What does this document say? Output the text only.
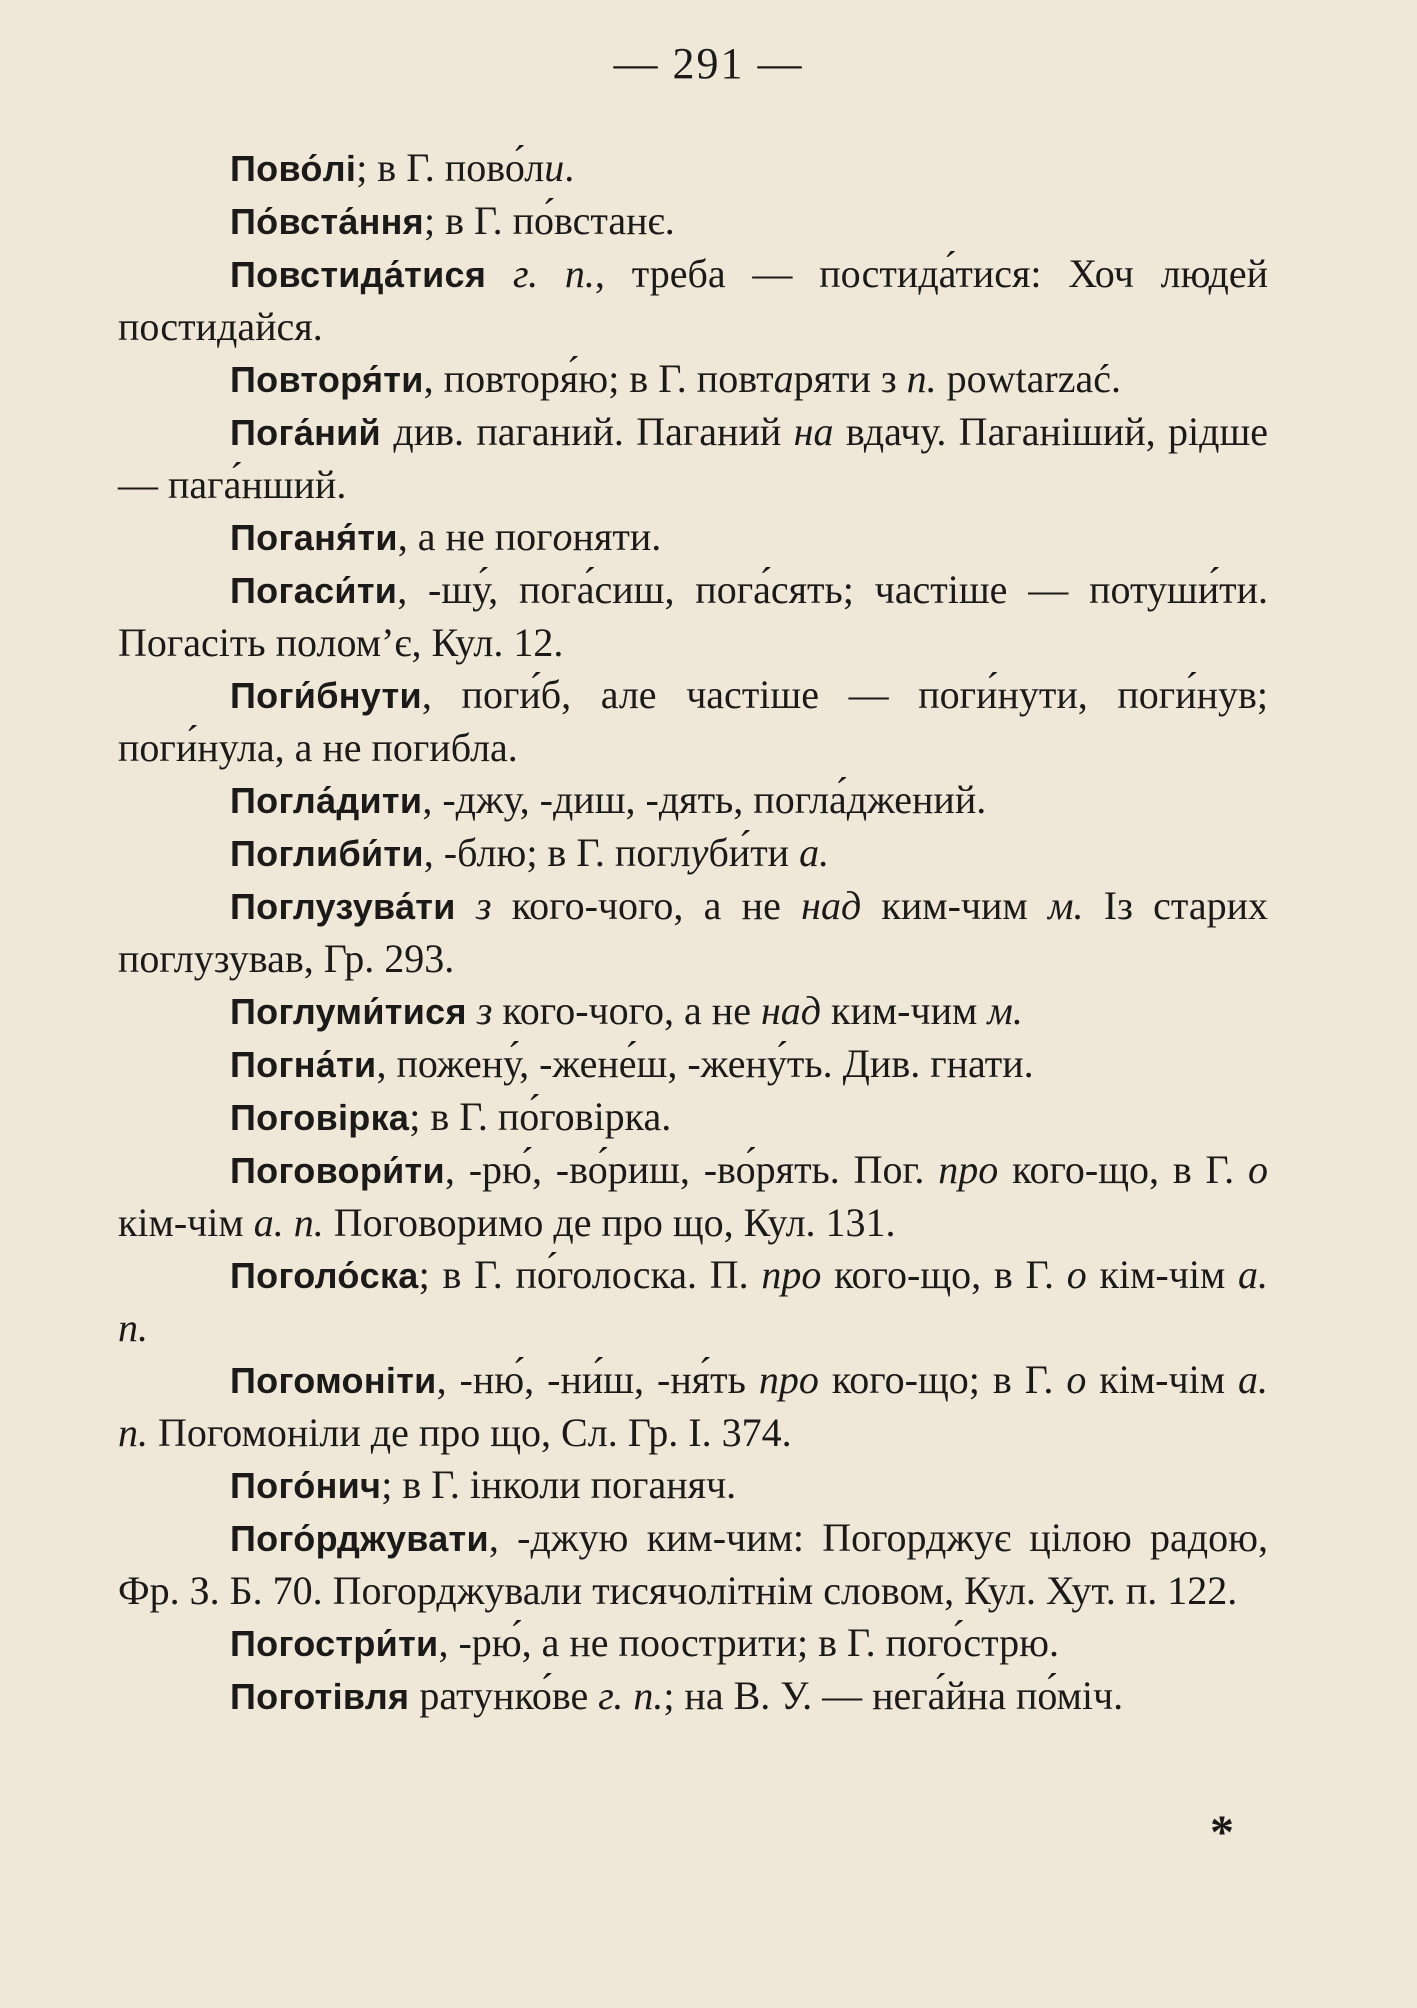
— 291 —

Пово́лі; в Г. пово́ли.

По́вста́ння; в Г. по́встанє.

Повстида́тися г. п., треба — постида́тися: Хоч людей постидайся.

Повторя́ти, повторя́ю; в Г. повтаряти з п. powtarzać.

Пога́ний див. паганий. Паганий на вдачу. Паганіший, рідше — пага́нший.

Поганя́ти, а не погоняти.

Погаси́ти, -шу́, пога́сиш, пога́сять; частіше — потуши́ти. Погасіть полом’є, Кул. 12.

Поги́бнути, поги́б, але частіше — поги́нути, поги́нув; поги́нула, а не погибла.

Погла́дити, -джу, -диш, -дять, погла́джений.

Поглиби́ти, -блю; в Г. поглуби́ти а.

Поглузува́ти з кого-чого, а не над ким-чим м. Із старих поглузував, Гр. 293.

Поглуми́тися з кого-чого, а не над ким-чим м.

Погна́ти, пожену́, -жене́ш, -жену́ть. Див. гнати.

Поговірка; в Г. по́говірка.

Поговори́ти, -рю́, -во́риш, -во́рять. Пог. про кого-що, в Г. о кім-чім а. п. Поговоримо де про що, Кул. 131.

Поголо́ска; в Г. по́голоска. П. про кого-що, в Г. о кім-чім а. п.

Погомоніти, -ню́, -ни́ш, -ня́ть про кого-що; в Г. о кім-чім а. п. Погомоніли де про що, Сл. Гр. І. 374.

Пого́нич; в Г. інколи поганяч.

Пого́рджувати, -джую ким-чим: Погорджує цілою радою, Фр. З. Б. 70. Погорджували тисячолітнім словом, Кул. Хут. п. 122.

Погостри́ти, -рю́, а не поострити; в Г. пого́стрю.

Поготівля ратунко́ве г. п.; на В. У. — нега́йна по́міч.

*
